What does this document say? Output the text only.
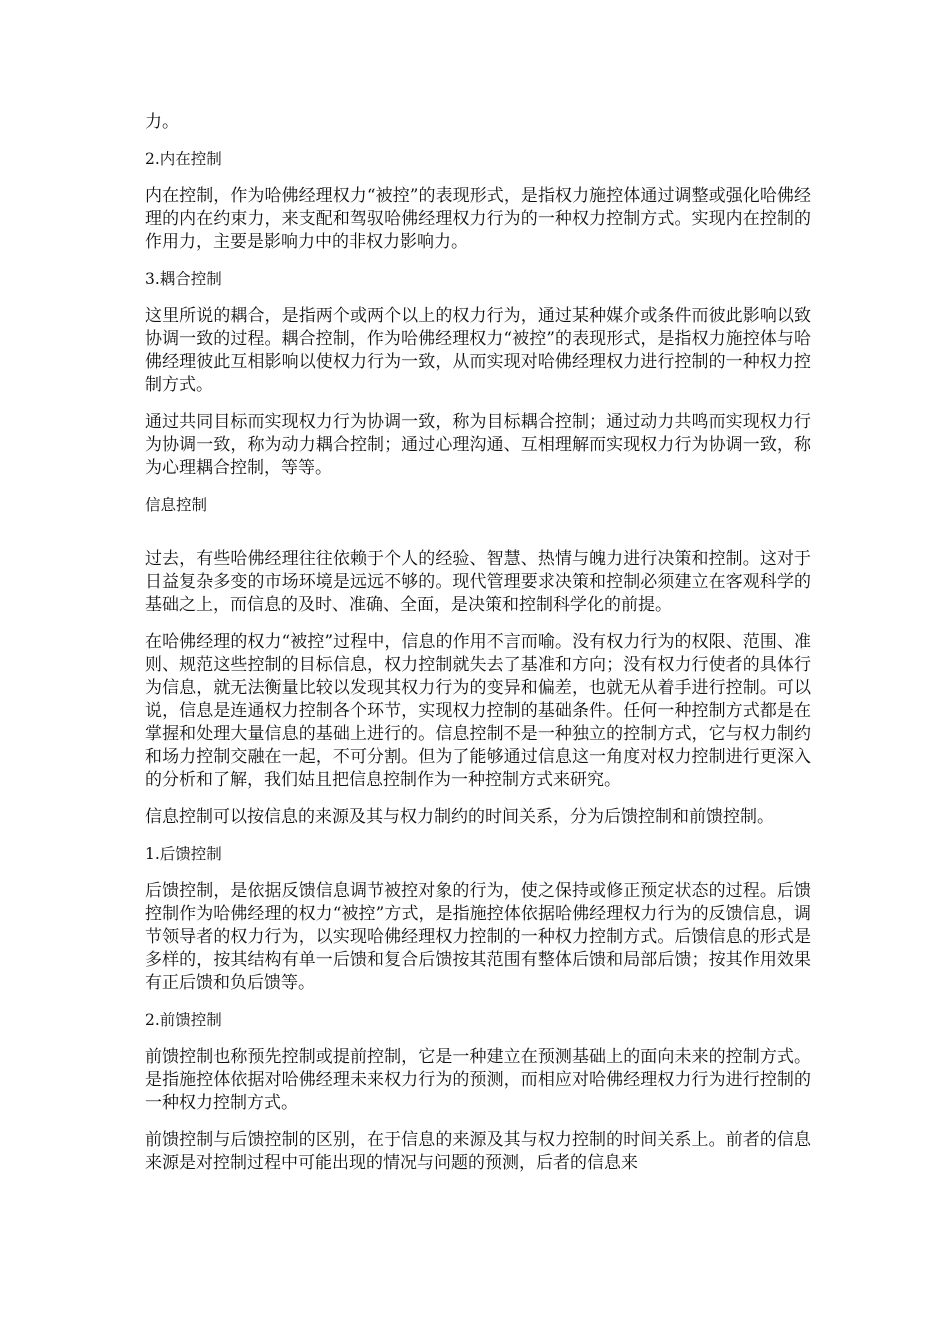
力。

2.内在控制

内在控制，作为哈佛经理权力“被控”的表现形式，是指权力施控体通过调整或强化哈佛经理的内在约束力，来支配和驾驭哈佛经理权力行为的一种权力控制方式。实现内在控制的作用力，主要是影响力中的非权力影响力。

3.耦合控制

这里所说的耦合，是指两个或两个以上的权力行为，通过某种媒介或条件而彼此影响以致协调一致的过程。耦合控制，作为哈佛经理权力“被控”的表现形式，是指权力施控体与哈佛经理彼此互相影响以使权力行为一致，从而实现对哈佛经理权力进行控制的一种权力控制方式。

通过共同目标而实现权力行为协调一致，称为目标耦合控制；通过动力共鸣而实现权力行为协调一致，称为动力耦合控制；通过心理沟通、互相理解而实现权力行为协调一致，称为心理耦合控制，等等。

信息控制

过去，有些哈佛经理往往依赖于个人的经验、智慧、热情与魄力进行决策和控制。这对于日益复杂多变的市场环境是远远不够的。现代管理要求决策和控制必须建立在客观科学的基础之上，而信息的及时、准确、全面，是决策和控制科学化的前提。

在哈佛经理的权力“被控”过程中，信息的作用不言而喻。没有权力行为的权限、范围、准则、规范这些控制的目标信息，权力控制就失去了基准和方向；没有权力行使者的具体行为信息，就无法衡量比较以发现其权力行为的变异和偏差，也就无从着手进行控制。可以说，信息是连通权力控制各个环节，实现权力控制的基础条件。任何一种控制方式都是在掌握和处理大量信息的基础上进行的。信息控制不是一种独立的控制方式，它与权力制约和场力控制交融在一起，不可分割。但为了能够通过信息这一角度对权力控制进行更深入的分析和了解，我们姑且把信息控制作为一种控制方式来研究。

信息控制可以按信息的来源及其与权力制约的时间关系，分为后馈控制和前馈控制。

1.后馈控制

后馈控制，是依据反馈信息调节被控对象的行为，使之保持或修正预定状态的过程。后馈控制作为哈佛经理的权力“被控”方式，是指施控体依据哈佛经理权力行为的反馈信息，调节领导者的权力行为，以实现哈佛经理权力控制的一种权力控制方式。后馈信息的形式是多样的，按其结构有单一后馈和复合后馈按其范围有整体后馈和局部后馈；按其作用效果有正后馈和负后馈等。

2.前馈控制

前馈控制也称预先控制或提前控制，它是一种建立在预测基础上的面向未来的控制方式。是指施控体依据对哈佛经理未来权力行为的预测，而相应对哈佛经理权力行为进行控制的一种权力控制方式。

前馈控制与后馈控制的区别，在于信息的来源及其与权力控制的时间关系上。前者的信息来源是对控制过程中可能出现的情况与问题的预测，后者的信息来
